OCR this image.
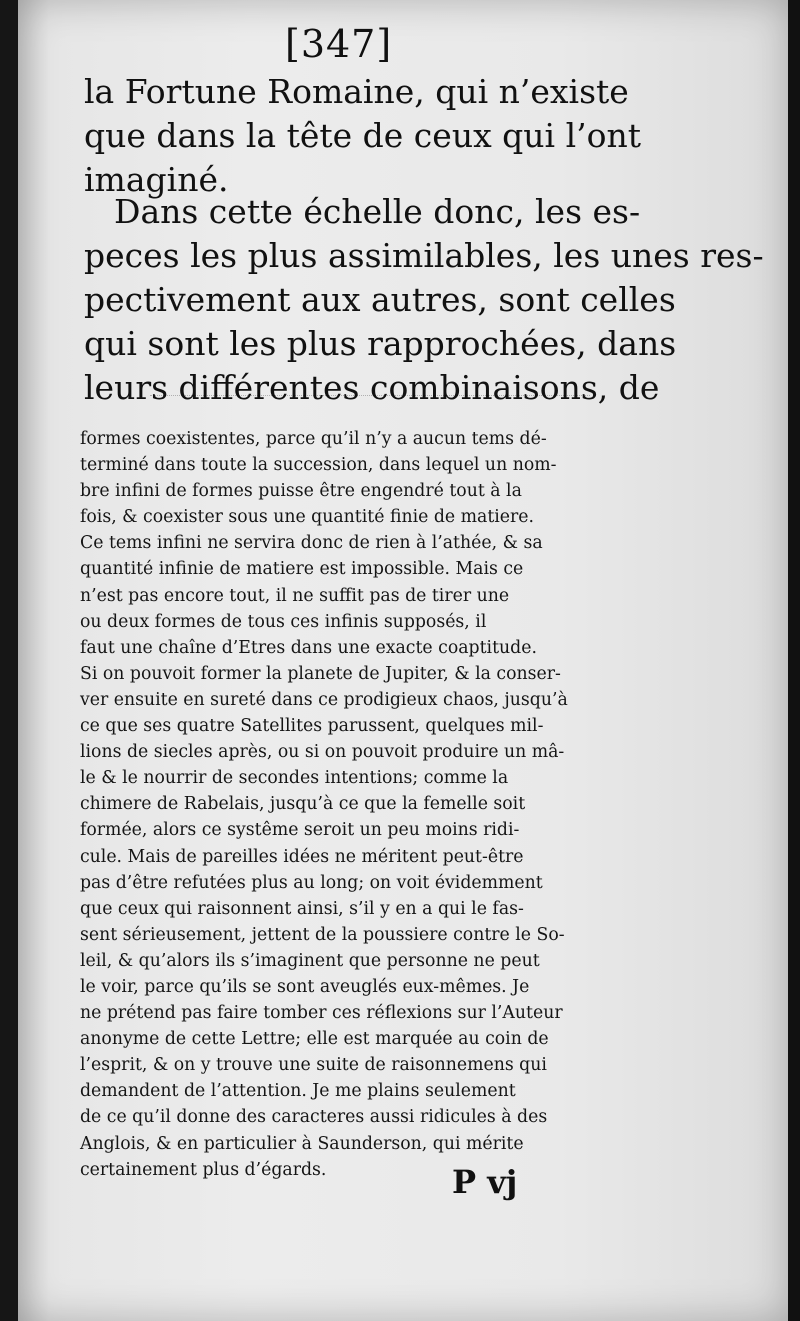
[347]
la Fortune Romaine, qui n’existe
que dans la tête de ceux qui l’ont
imaginé.
Dans cette échelle donc, les es-
peces les plus assimilables, les unes res-
pectivement aux autres, sont celles
qui sont les plus rapprochées, dans
leurs différentes combinaisons, de
formes coexistentes, parce qu’il n’y a aucun tems dé-
terminé dans toute la succession, dans lequel un nom-
bre infini de formes puisse être engendré tout à la
fois, & coexister sous une quantité finie de matiere.
Ce tems infini ne servira donc de rien à l’athée, & sa
quantité infinie de matiere est impossible. Mais ce
n’est pas encore tout, il ne suffit pas de tirer une
ou deux formes de tous ces infinis supposés, il
faut une chaîne d’Etres dans une exacte coaptitude.
Si on pouvoit former la planete de Jupiter, & la conser-
ver ensuite en sureté dans ce prodigieux chaos, jusqu’à
ce que ses quatre Satellites parussent, quelques mil-
lions de siecles après, ou si on pouvoit produire un mâ-
le & le nourrir de secondes intentions; comme la
chimere de Rabelais, jusqu’à ce que la femelle soit
formée, alors ce systême seroit un peu moins ridi-
cule. Mais de pareilles idées ne méritent peut-être
pas d’être refutées plus au long; on voit évidemment
que ceux qui raisonnent ainsi, s’il y en a qui le fas-
sent sérieusement, jettent de la poussiere contre le So-
leil, & qu’alors ils s’imaginent que personne ne peut
le voir, parce qu’ils se sont aveuglés eux-mêmes. Je
ne prétend pas faire tomber ces réflexions sur l’Auteur
anonyme de cette Lettre; elle est marquée au coin de
l’esprit, & on y trouve une suite de raisonnemens qui
demandent de l’attention. Je me plains seulement
de ce qu’il donne des caracteres aussi ridicules à des
Anglois, & en particulier à Saunderson, qui mérite
certainement plus d’égards.	P vj
